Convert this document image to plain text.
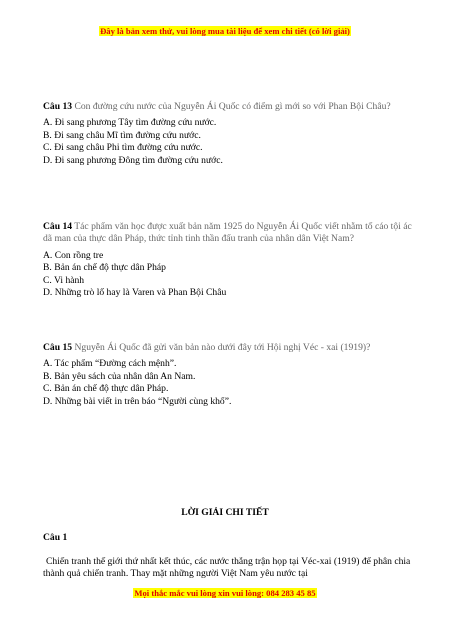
Đây là bản xem thử, vui lòng mua tài liệu để xem chi tiết (có lời giải)
Câu 13 Con đường cứu nước của Nguyễn Ái Quốc có điểm gì mới so với Phan Bội Châu?
A. Đi sang phương Tây tìm đường cứu nước.
B. Đi sang châu Mĩ tìm đường cứu nước.
C. Đi sang châu Phi tìm đường cứu nước.
D. Đi sang phương Đông tìm đường cứu nước.
Câu 14 Tác phẩm văn học được xuất bản năm 1925 do Nguyễn Ái Quốc viết nhằm tố cáo tội ác dã man của thực dân Pháp, thức tỉnh tinh thần đấu tranh của nhân dân Việt Nam?
A. Con rồng tre
B. Bản án chế độ thực dân Pháp
C. Vi hành
D. Những trò lố hay là Varen và Phan Bội Châu
Câu 15 Nguyễn Ái Quốc đã gửi văn bản nào dưới đây tới Hội nghị Véc - xai (1919)?
A. Tác phẩm “Đường cách mệnh”.
B. Bản yêu sách của nhân dân An Nam.
C. Bản án chế độ thực dân Pháp.
D. Những bài viết in trên báo “Người cùng khổ”.
LỜI GIẢI CHI TIẾT
Câu 1
Chiến tranh thế giới thứ nhất kết thúc, các nước thắng trận họp tại Véc-xai (1919) để phân chia thành quả chiến tranh. Thay mặt những người Việt Nam yêu nước tại
Mọi thắc mắc vui lòng xin vui lòng: 084 283 45 85
